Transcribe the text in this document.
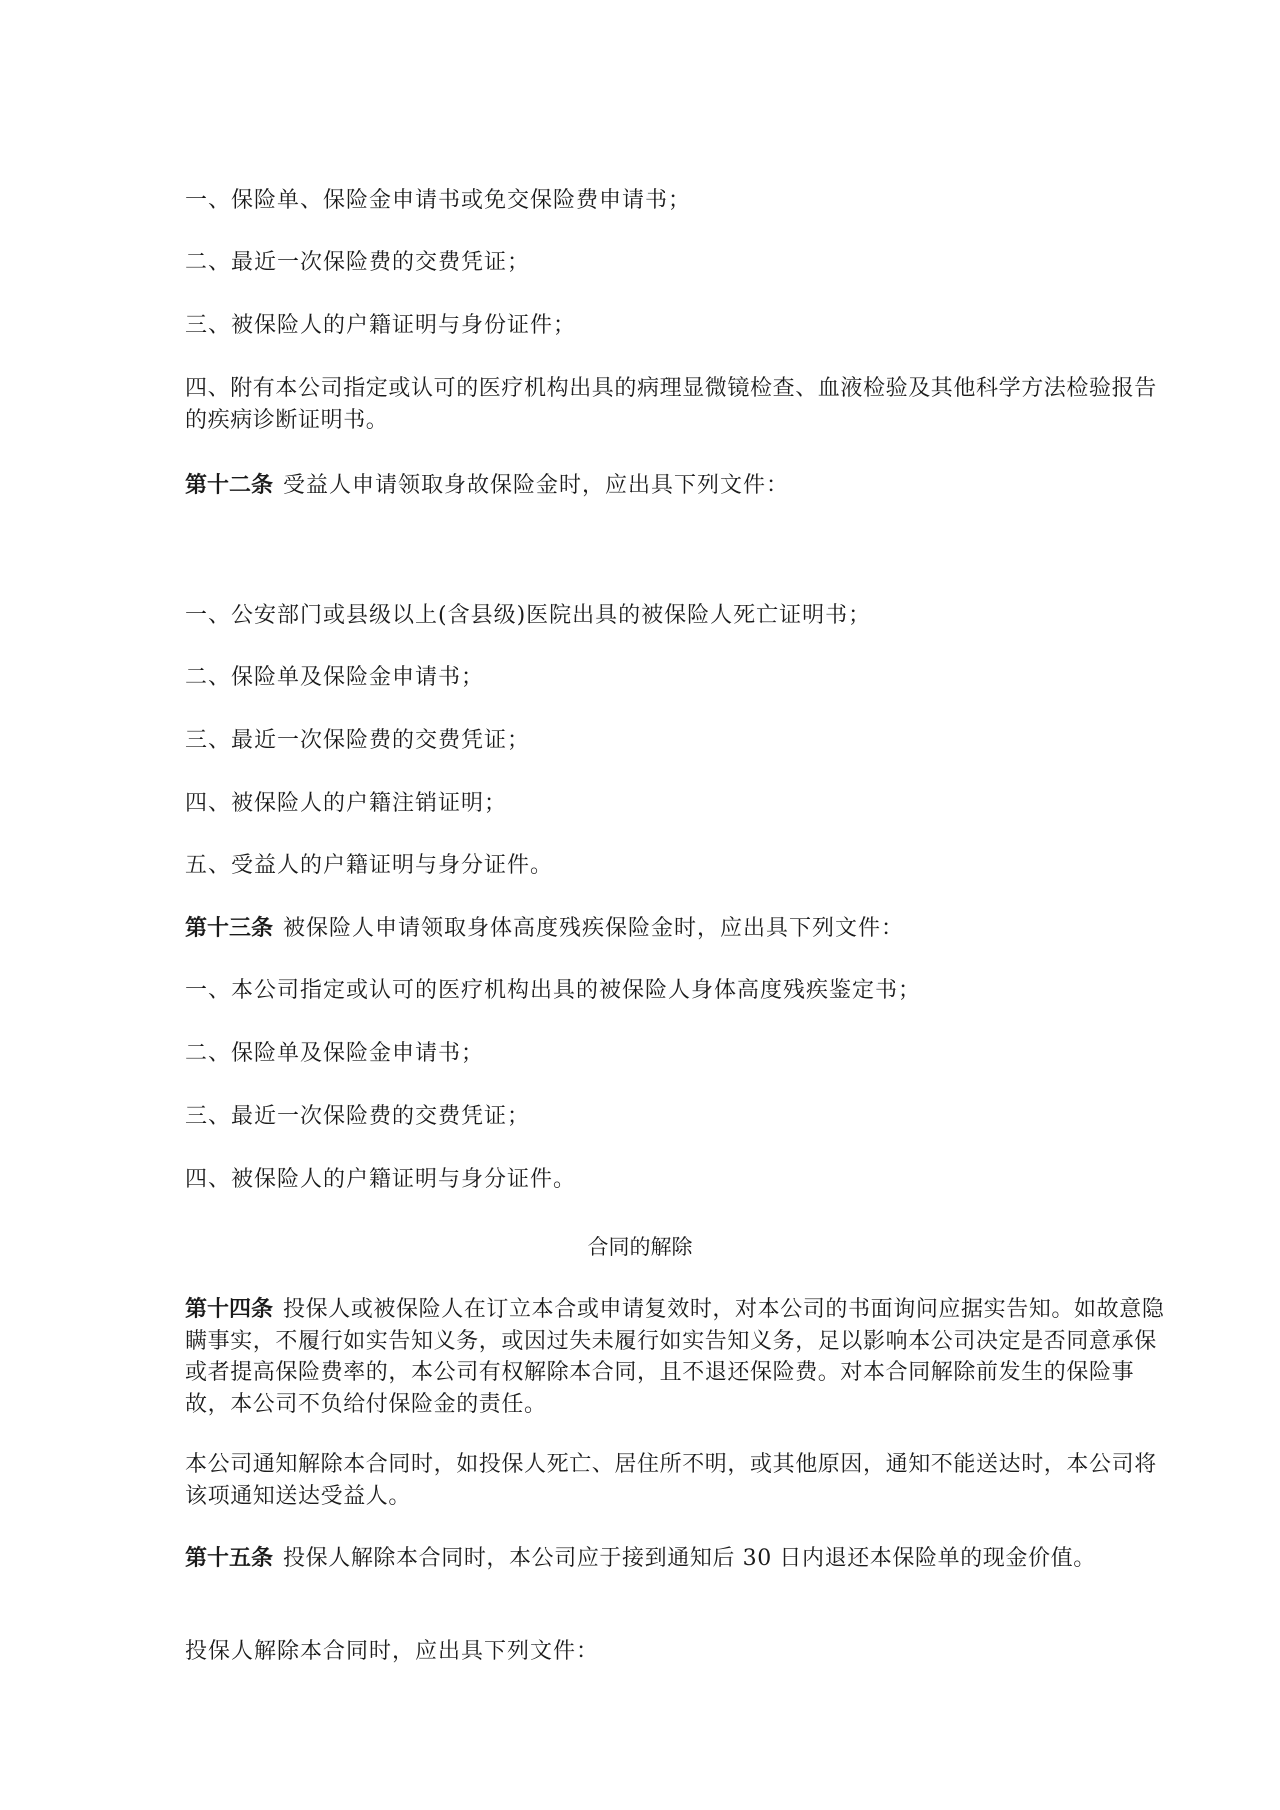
一、保险单、保险金申请书或免交保险费申请书；
二、最近一次保险费的交费凭证；
三、被保险人的户籍证明与身份证件；
四、附有本公司指定或认可的医疗机构出具的病理显微镜检查、血液检验及其他科学方法检验报告的疾病诊断证明书。
第十二条 受益人申请领取身故保险金时，应出具下列文件：
一、公安部门或县级以上(含县级)医院出具的被保险人死亡证明书；
二、保险单及保险金申请书；
三、最近一次保险费的交费凭证；
四、被保险人的户籍注销证明；
五、受益人的户籍证明与身分证件。
第十三条 被保险人申请领取身体高度残疾保险金时，应出具下列文件：
一、本公司指定或认可的医疗机构出具的被保险人身体高度残疾鉴定书；
二、保险单及保险金申请书；
三、最近一次保险费的交费凭证；
四、被保险人的户籍证明与身分证件。
合同的解除
第十四条 投保人或被保险人在订立本合或申请复效时，对本公司的书面询问应据实告知。如故意隐瞒事实，不履行如实告知义务，或因过失未履行如实告知义务，足以影响本公司决定是否同意承保或者提高保险费率的，本公司有权解除本合同，且不退还保险费。对本合同解除前发生的保险事故，本公司不负给付保险金的责任。
本公司通知解除本合同时，如投保人死亡、居住所不明，或其他原因，通知不能送达时，本公司将该项通知送达受益人。
第十五条 投保人解除本合同时，本公司应于接到通知后 30 日内退还本保险单的现金价值。
投保人解除本合同时，应出具下列文件：
